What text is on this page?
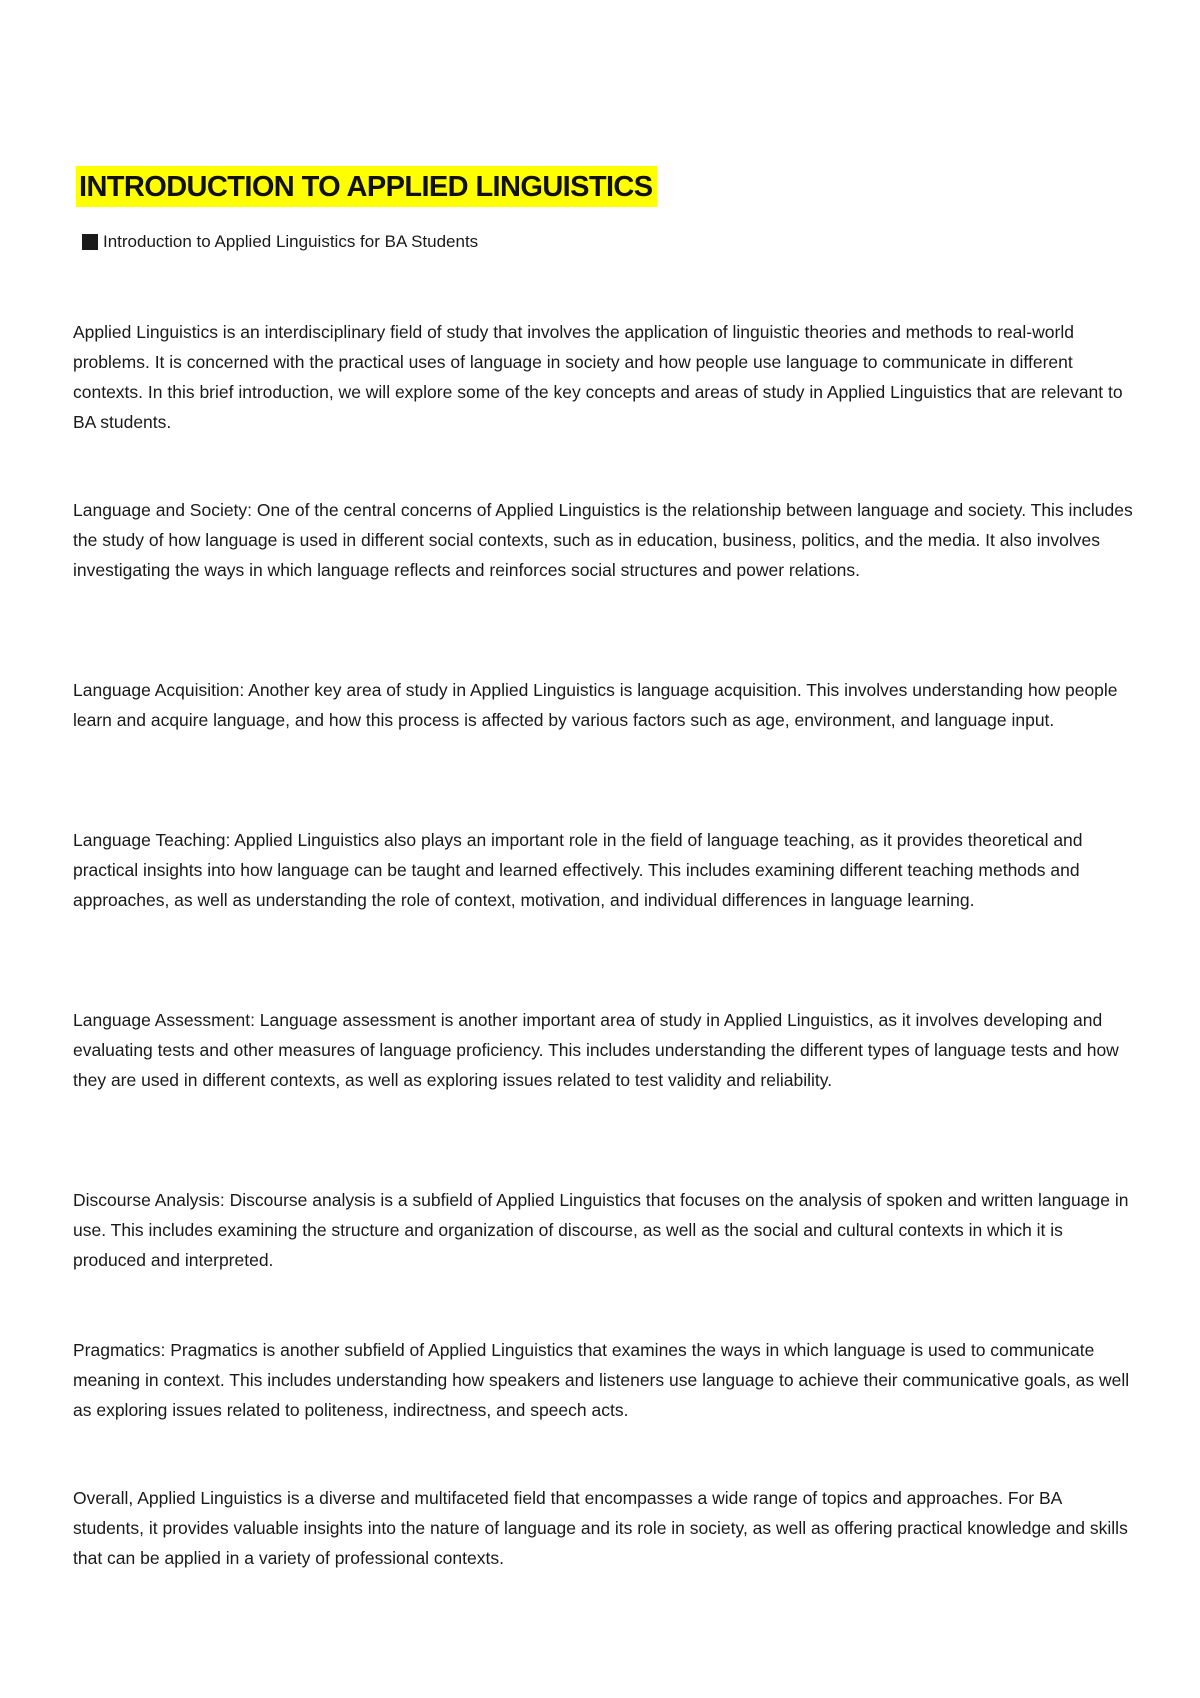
INTRODUCTION TO APPLIED LINGUISTICS
Introduction to Applied Linguistics for BA Students

Applied Linguistics is an interdisciplinary field of study that involves the application of linguistic theories and methods to real-world problems. It is concerned with the practical uses of language in society and how people use language to communicate in different contexts. In this brief introduction, we will explore some of the key concepts and areas of study in Applied Linguistics that are relevant to BA students.

Language and Society: One of the central concerns of Applied Linguistics is the relationship between language and society. This includes the study of how language is used in different social contexts, such as in education, business, politics, and the media. It also involves investigating the ways in which language reflects and reinforces social structures and power relations.

Language Acquisition: Another key area of study in Applied Linguistics is language acquisition. This involves understanding how people learn and acquire language, and how this process is affected by various factors such as age, environment, and language input.

Language Teaching: Applied Linguistics also plays an important role in the field of language teaching, as it provides theoretical and practical insights into how language can be taught and learned effectively. This includes examining different teaching methods and approaches, as well as understanding the role of context, motivation, and individual differences in language learning.

Language Assessment: Language assessment is another important area of study in Applied Linguistics, as it involves developing and evaluating tests and other measures of language proficiency. This includes understanding the different types of language tests and how they are used in different contexts, as well as exploring issues related to test validity and reliability.

Discourse Analysis: Discourse analysis is a subfield of Applied Linguistics that focuses on the analysis of spoken and written language in use. This includes examining the structure and organization of discourse, as well as the social and cultural contexts in which it is produced and interpreted.

Pragmatics: Pragmatics is another subfield of Applied Linguistics that examines the ways in which language is used to communicate meaning in context. This includes understanding how speakers and listeners use language to achieve their communicative goals, as well as exploring issues related to politeness, indirectness, and speech acts.

Overall, Applied Linguistics is a diverse and multifaceted field that encompasses a wide range of topics and approaches. For BA students, it provides valuable insights into the nature of language and its role in society, as well as offering practical knowledge and skills that can be applied in a variety of professional contexts.
